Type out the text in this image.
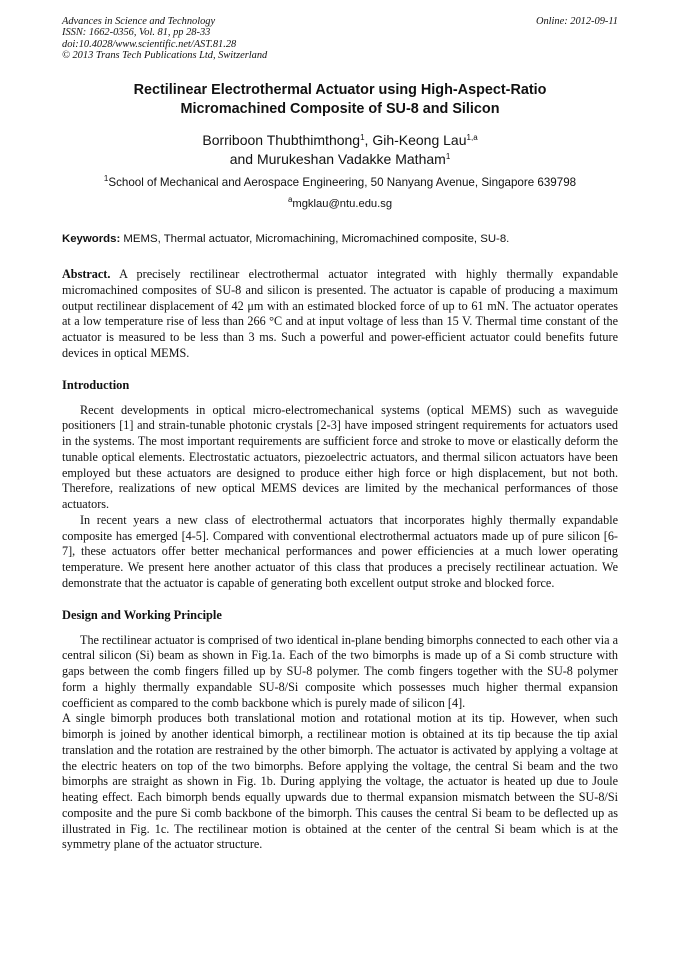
Advances in Science and Technology
ISSN: 1662-0356, Vol. 81, pp 28-33
doi:10.4028/www.scientific.net/AST.81.28
© 2013 Trans Tech Publications Ltd, Switzerland
Online: 2012-09-11
Rectilinear Electrothermal Actuator using High-Aspect-Ratio
Micromachined Composite of SU-8 and Silicon
Borriboon Thubthimthong$^1$, Gih-Keong Lau$^{1,a}$
and Murukeshan Vadakke Matham$^1$
$^1$School of Mechanical and Aerospace Engineering, 50 Nanyang Avenue, Singapore 639798
$^a$mgklau@ntu.edu.sg
Keywords: MEMS, Thermal actuator, Micromachining, Micromachined composite, SU-8.

Abstract. A precisely rectilinear electrothermal actuator integrated with highly thermally expandable micromachined composites of SU-8 and silicon is presented. The actuator is capable of producing a maximum output rectilinear displacement of 42 μm with an estimated blocked force of up to 61 mN. The actuator operates at a low temperature rise of less than 266 °C and at input voltage of less than 15 V. Thermal time constant of the actuator is measured to be less than 3 ms. Such a powerful and power-efficient actuator could benefits future devices in optical MEMS.

Introduction

Recent developments in optical micro-electromechanical systems (optical MEMS) such as waveguide positioners [1] and strain-tunable photonic crystals [2-3] have imposed stringent requirements for actuators used in the systems. The most important requirements are sufficient force and stroke to move or elastically deform the tunable optical elements. Electrostatic actuators, piezoelectric actuators, and thermal silicon actuators have been employed but these actuators are designed to produce either high force or high displacement, but not both. Therefore, realizations of new optical MEMS devices are limited by the mechanical performances of those actuators.

In recent years a new class of electrothermal actuators that incorporates highly thermally expandable composite has emerged [4-5]. Compared with conventional electrothermal actuators made up of pure silicon [6-7], these actuators offer better mechanical performances and power efficiencies at a much lower operating temperature. We present here another actuator of this class that produces a precisely rectilinear actuation. We demonstrate that the actuator is capable of generating both excellent output stroke and blocked force.

Design and Working Principle

The rectilinear actuator is comprised of two identical in-plane bending bimorphs connected to each other via a central silicon (Si) beam as shown in Fig.1a. Each of the two bimorphs is made up of a Si comb structure with gaps between the comb fingers filled up by SU-8 polymer. The comb fingers together with the SU-8 polymer form a highly thermally expandable SU-8/Si composite which possesses much higher thermal expansion coefficient as compared to the comb backbone which is purely made of silicon [4].

A single bimorph produces both translational motion and rotational motion at its tip. However, when such bimorph is joined by another identical bimorph, a rectilinear motion is obtained at its tip because the tip axial translation and the rotation are restrained by the other bimorph. The actuator is activated by applying a voltage at the electric heaters on top of the two bimorphs. Before applying the voltage, the central Si beam and the two bimorphs are straight as shown in Fig. 1b. During applying the voltage, the actuator is heated up due to Joule heating effect. Each bimorph bends equally upwards due to thermal expansion mismatch between the SU-8/Si composite and the pure Si comb backbone of the bimorph. This causes the central Si beam to be deflected up as illustrated in Fig. 1c. The rectilinear motion is obtained at the center of the central Si beam which is at the symmetry plane of the actuator structure.
